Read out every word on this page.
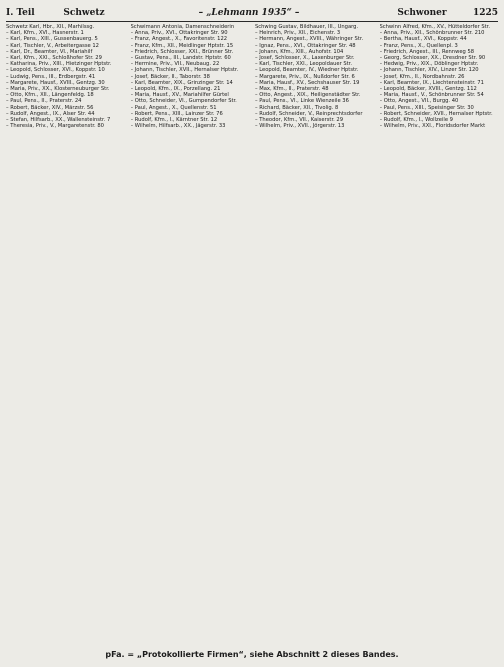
I. Teil	Schwetz	– „Lehmann 1935“ –	Schwoner	1225
Schwetz Karl, Hbr., XII., Marhilssg.
– Karl, Kfm., XVI., Hasnerstr. 1
– Karl, Pens., XIII., Gussenbauerg. 5
– Karl, Tischler, V., Arbeitergasse 12
– Karl, Dr., Beamter, VI., Mariahilf
– Karl, Kfm., XXI., Schloßhofer Str. 29
– Katharina, Priv., XIII., Hietzinger Hptstr.
– Leopold, Schlosser, XVI., Koppstr. 10
– Ludwig, Pens., III., Erdbergstr. 41
– Margarete, Hausf., XVIII., Gentzg. 30
– Maria, Priv., XX., Klosterneuburger Str.
– Otto, Kfm., XII., Längenfeldg. 18
– Paul, Pens., II., Praterstr. 24
– Robert, Bäcker, XIV., Märzstr. 56
– Rudolf, Angest., IX., Alser Str. 44
– Stefan, Hilfsarb., XX., Wallensteinstr. 7
– Theresia, Priv., V., Margaretenstr. 80
Schwimann Antonia, Damenschneiderin
– Anna, Priv., XVI., Ottakringer Str. 90
– Franz, Angest., X., Favoritenstr. 122
– Franz, Kfm., XII., Meidlinger Hptstr. 15
– Friedrich, Schlosser, XXI., Brünner Str.
– Gustav, Pens., III., Landstr. Hptstr. 60
– Hermine, Priv., VII., Neubaug. 22
– Johann, Tischler, XVII., Hernalser Hptstr.
– Josef, Bäcker, II., Taborstr. 38
– Karl, Beamter, XIX., Grinzinger Str. 14
– Leopold, Kfm., IX., Porzellang. 21
– Maria, Hausf., XV., Mariahilfer Gürtel
– Otto, Schneider, VI., Gumpendorfer Str.
– Paul, Angest., X., Quellenstr. 51
– Robert, Pens., XIII., Lainzer Str. 76
– Rudolf, Kfm., I., Kärntner Str. 12
– Wilhelm, Hilfsarb., XX., Jägerstr. 33
Schwing Gustav, Bildhauer, III., Ungarg.
– Heinrich, Priv., XII., Eichenstr. 3
– Hermann, Angest., XVIII., Währinger Str.
– Ignaz, Pens., XVI., Ottakringer Str. 48
– Johann, Kfm., XIII., Auhofstr. 104
– Josef, Schlosser, X., Laxenburger Str.
– Karl, Tischler, XXI., Leopoldauer Str.
– Leopold, Beamter, IV., Wiedner Hptstr.
– Margarete, Priv., IX., Nußdorfer Str. 6
– Maria, Hausf., XV., Sechshauser Str. 19
– Max, Kfm., II., Praterstr. 48
– Otto, Angest., XIX., Heiligenstädter Str.
– Paul, Pens., VI., Linke Wienzeile 36
– Richard, Bäcker, XII., Tivolig. 8
– Rudolf, Schneider, V., Reinprechtsdorfer
– Theodor, Kfm., VII., Kaiserstr. 29
– Wilhelm, Priv., XVII., Jörgerstr. 13
Schwinn Alfred, Kfm., XV., Hütteldorfer Str.
– Anna, Priv., XII., Schönbrunner Str. 210
– Bertha, Hausf., XVI., Koppstr. 44
– Franz, Pens., X., Quellenpl. 3
– Friedrich, Angest., III., Rennweg 58
– Georg, Schlosser, XX., Dresdner Str. 90
– Hedwig, Priv., XIX., Döblinger Hptstr.
– Johann, Tischler, XIV., Linzer Str. 120
– Josef, Kfm., II., Nordbahnstr. 26
– Karl, Beamter, IX., Liechtensteinstr. 71
– Leopold, Bäcker, XVIII., Gentzg. 112
– Maria, Hausf., V., Schönbrunner Str. 54
– Otto, Angest., VII., Burgg. 40
– Paul, Pens., XIII., Speisinger Str. 30
– Robert, Schneider, XVII., Hernalser Hptstr.
– Rudolf, Kfm., I., Wollzeile 9
– Wilhelm, Priv., XXI., Floridsdorfer Markt
pFa. = „Protokollierte Firmen“, siehe Abschnitt 2 dieses Bandes.
